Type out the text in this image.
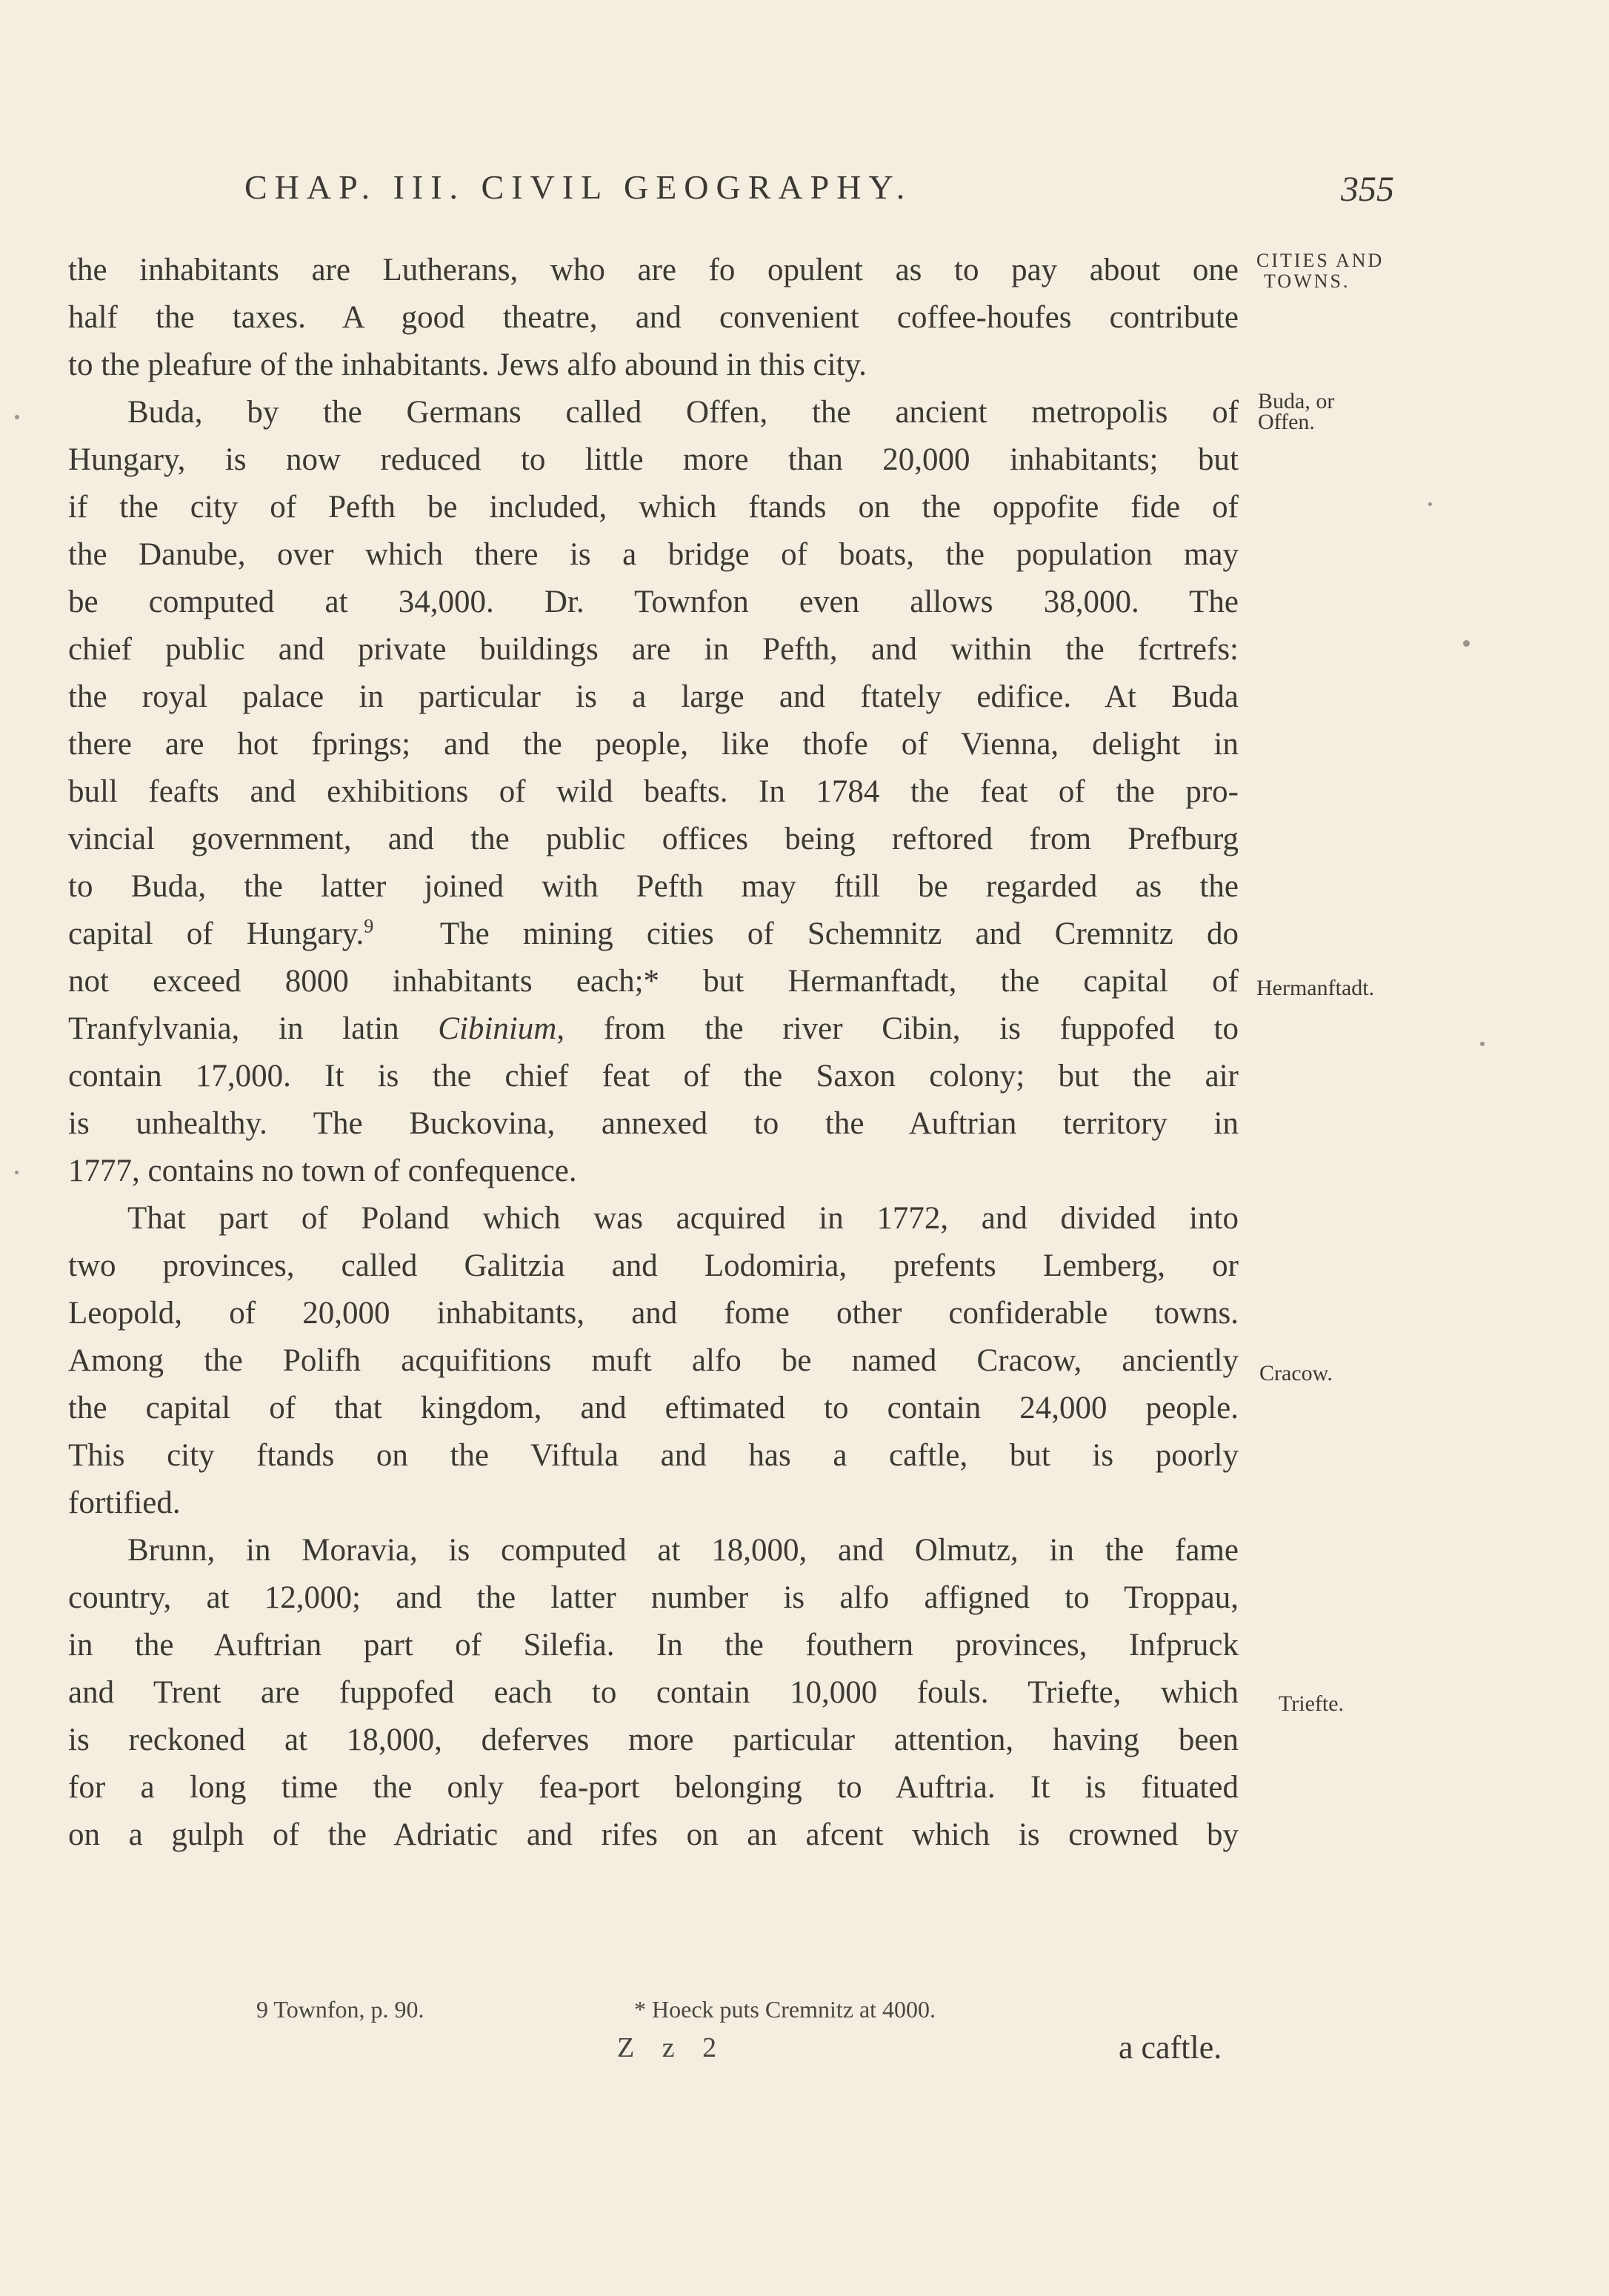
CHAP. III. CIVIL GEOGRAPHY.	355
the inhabitants are Lutherans, who are fo opulent as to pay about one
half the taxes. A good theatre, and convenient coffee-houfes contribute
to the pleafure of the inhabitants. Jews alfo abound in this city.
Buda, by the Germans called Offen, the ancient metropolis of
Hungary, is now reduced to little more than 20,000 inhabitants; but
if the city of Pefth be included, which ftands on the oppofite fide of
the Danube, over which there is a bridge of boats, the population may
be computed at 34,000. Dr. Townfon even allows 38,000. The
chief public and private buildings are in Pefth, and within the fcrtrefs:
the royal palace in particular is a large and ftately edifice. At Buda
there are hot fprings; and the people, like thofe of Vienna, delight in
bull feafts and exhibitions of wild beafts. In 1784 the feat of the pro-
vincial government, and the public offices being reftored from Prefburg
to Buda, the latter joined with Pefth may ftill be regarded as the
capital of Hungary.$^9$ The mining cities of Schemnitz and Cremnitz do
not exceed 8000 inhabitants each;* but Hermanftadt, the capital of
Tranfylvania, in latin Cibinium, from the river Cibin, is fuppofed to
contain 17,000. It is the chief feat of the Saxon colony; but the air
is unhealthy. The Buckovina, annexed to the Auftrian territory in
1777, contains no town of confequence.
That part of Poland which was acquired in 1772, and divided into
two provinces, called Galitzia and Lodomiria, prefents Lemberg, or
Leopold, of 20,000 inhabitants, and fome other confiderable towns.
Among the Polifh acquifitions muft alfo be named Cracow, anciently
the capital of that kingdom, and eftimated to contain 24,000 people.
This city ftands on the Viftula and has a caftle, but is poorly
fortified.
Brunn, in Moravia, is computed at 18,000, and Olmutz, in the fame
country, at 12,000; and the latter number is alfo affigned to Troppau,
in the Auftrian part of Silefia. In the fouthern provinces, Infpruck
and Trent are fuppofed each to contain 10,000 fouls. Triefte, which
is reckoned at 18,000, deferves more particular attention, having been
for a long time the only fea-port belonging to Auftria. It is fituated
on a gulph of the Adriatic and rifes on an afcent which is crowned by
CITIES AND
TOWNS.
Buda, or
Offen.
Hermanftadt.
Cracow.
Triefte.
9 Townfon, p. 90.	* Hoeck puts Cremnitz at 4000.
Z z 2	a caftle.
